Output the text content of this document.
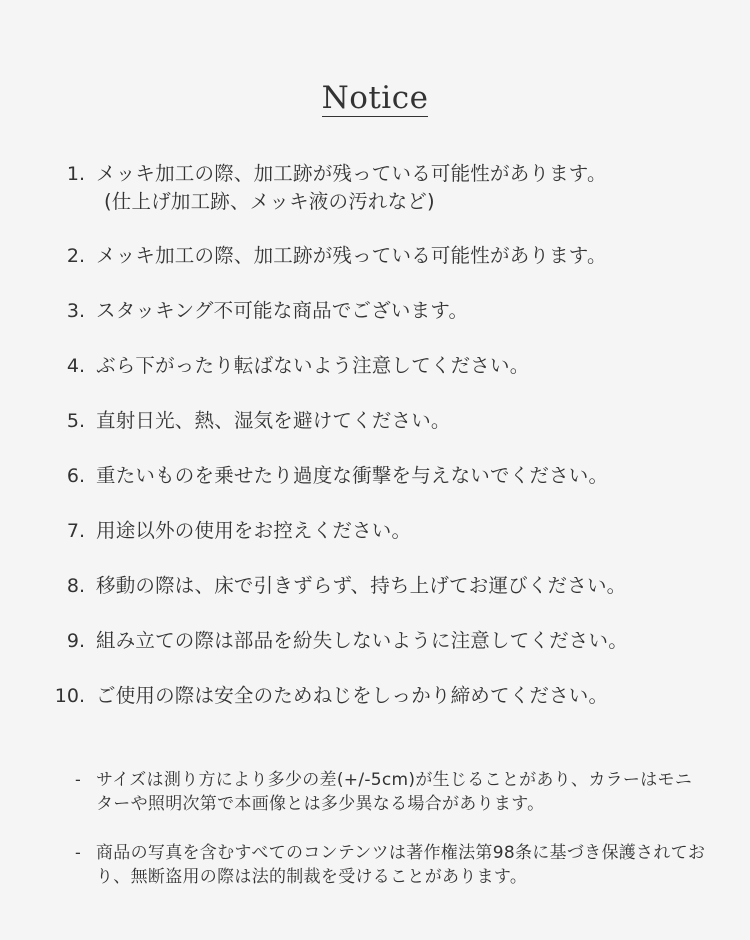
Notice
1. メッキ加工の際、加工跡が残っている可能性があります。
(仕上げ加工跡、メッキ液の汚れなど)
2. メッキ加工の際、加工跡が残っている可能性があります。
3. スタッキング不可能な商品でございます。
4. ぶら下がったり転ばないよう注意してください。
5. 直射日光、熱、湿気を避けてください。
6. 重たいものを乗せたり過度な衝撃を与えないでください。
7. 用途以外の使用をお控えください。
8. 移動の際は、床で引きずらず、持ち上げてお運びください。
9. 組み立ての際は部品を紛失しないように注意してください。
10. ご使用の際は安全のためねじをしっかり締めてください。
- サイズは測り方により多少の差(+/-5cm)が生じることがあり、カラーはモニターや照明次第で本画像とは多少異なる場合があります。
- 商品の写真を含むすべてのコンテンツは著作権法第98条に基づき保護されており、無断盗用の際は法的制裁を受けることがあります。
